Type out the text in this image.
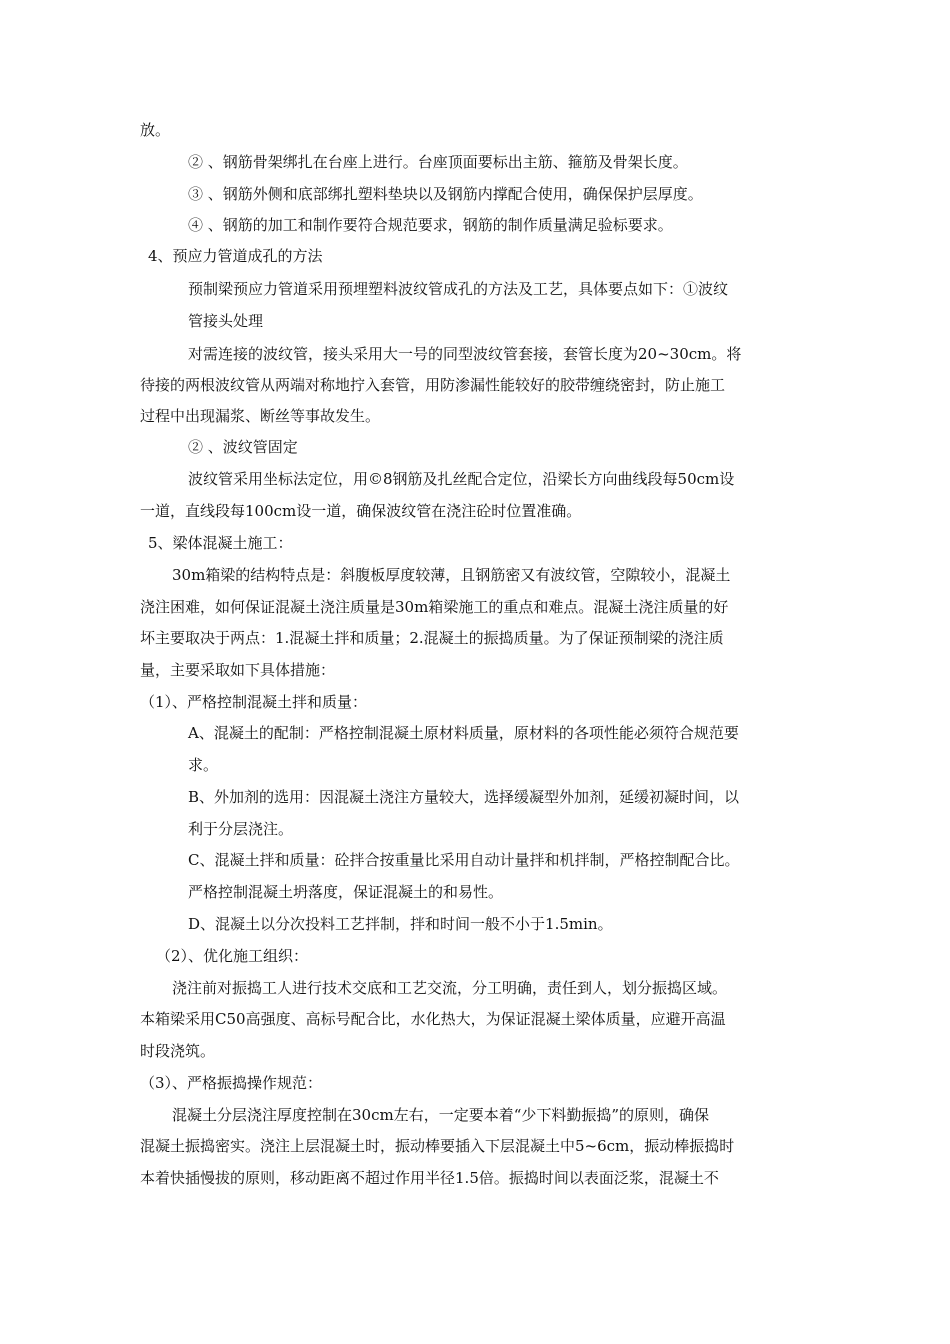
放。
② 、钢筋骨架绑扎在台座上进行。台座顶面要标出主筋、箍筋及骨架长度。
③ 、钢筋外侧和底部绑扎塑料垫块以及钢筋内撑配合使用，确保保护层厚度。
④ 、钢筋的加工和制作要符合规范要求，钢筋的制作质量满足验标要求。
4、预应力管道成孔的方法
预制梁预应力管道采用预埋塑料波纹管成孔的方法及工艺，具体要点如下：①波纹
管接头处理
对需连接的波纹管，接头采用大一号的同型波纹管套接，套管长度为20~30cm。将
待接的两根波纹管从两端对称地拧入套管，用防渗漏性能较好的胶带缠绕密封，防止施工
过程中出现漏浆、断丝等事故发生。
② 、波纹管固定
波纹管采用坐标法定位，用©8钢筋及扎丝配合定位，沿梁长方向曲线段每50cm设
一道，直线段每100cm设一道，确保波纹管在浇注砼时位置准确。
5、梁体混凝土施工：
30m箱梁的结构特点是：斜腹板厚度较薄，且钢筋密又有波纹管，空隙较小，混凝土
浇注困难，如何保证混凝土浇注质量是30m箱梁施工的重点和难点。混凝土浇注质量的好
坏主要取决于两点：1.混凝土拌和质量；2.混凝土的振捣质量。为了保证预制梁的浇注质
量，主要采取如下具体措施：
（1）、严格控制混凝土拌和质量：
A、混凝土的配制：严格控制混凝土原材料质量，原材料的各项性能必须符合规范要
求。
B、外加剂的选用：因混凝土浇注方量较大，选择缓凝型外加剂，延缓初凝时间，以
利于分层浇注。
C、混凝土拌和质量：砼拌合按重量比采用自动计量拌和机拌制，严格控制配合比。
严格控制混凝土坍落度，保证混凝土的和易性。
D、混凝土以分次投料工艺拌制，拌和时间一般不小于1.5min。
（2）、优化施工组织：
浇注前对振捣工人进行技术交底和工艺交流，分工明确，责任到人，划分振捣区域。
本箱梁采用C50高强度、高标号配合比，水化热大，为保证混凝土梁体质量，应避开高温
时段浇筑。
（3）、严格振捣操作规范：
混凝土分层浇注厚度控制在30cm左右，一定要本着“少下料勤振捣”的原则，确保
混凝土振捣密实。浇注上层混凝土时，振动棒要插入下层混凝土中5~6cm，振动棒振捣时
本着快插慢拔的原则，移动距离不超过作用半径1.5倍。振捣时间以表面泛浆，混凝土不
